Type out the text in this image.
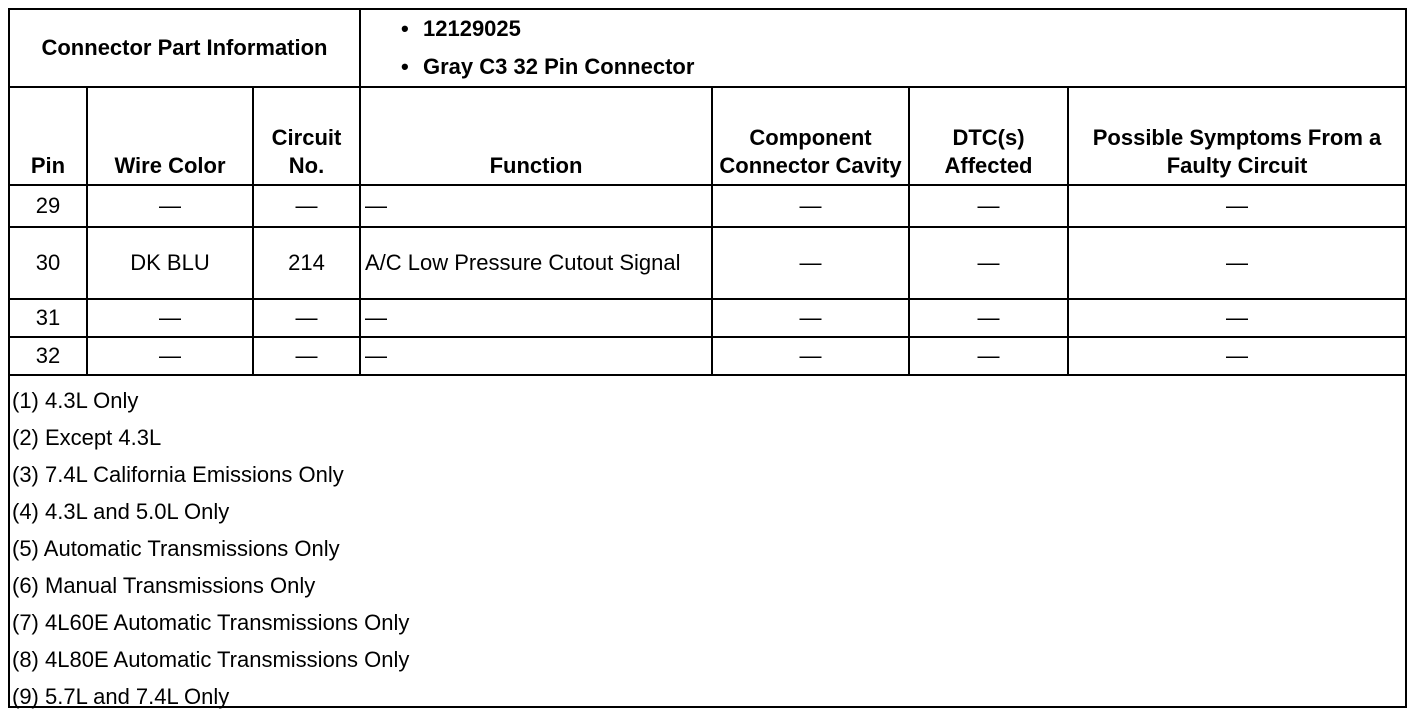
Connector Part Information			• 12129025
• Gray C3 32 Pin Connector			

Pin	Wire Color	Circuit No.	Function	Component Connector Cavity	DTC(s) Affected	Possible Symptoms From a Faulty Circuit
29	—	—	—	—	—	—
30	DK BLU	214	A/C Low Pressure Cutout Signal	—	—	—
31	—	—	—	—	—	—
32	—	—	—	—	—	—
(1) 4.3L Only
(2) Except 4.3L
(3) 7.4L California Emissions Only
(4) 4.3L and 5.0L Only
(5) Automatic Transmissions Only
(6) Manual Transmissions Only
(7) 4L60E Automatic Transmissions Only
(8) 4L80E Automatic Transmissions Only
(9) 5.7L and 7.4L Only
